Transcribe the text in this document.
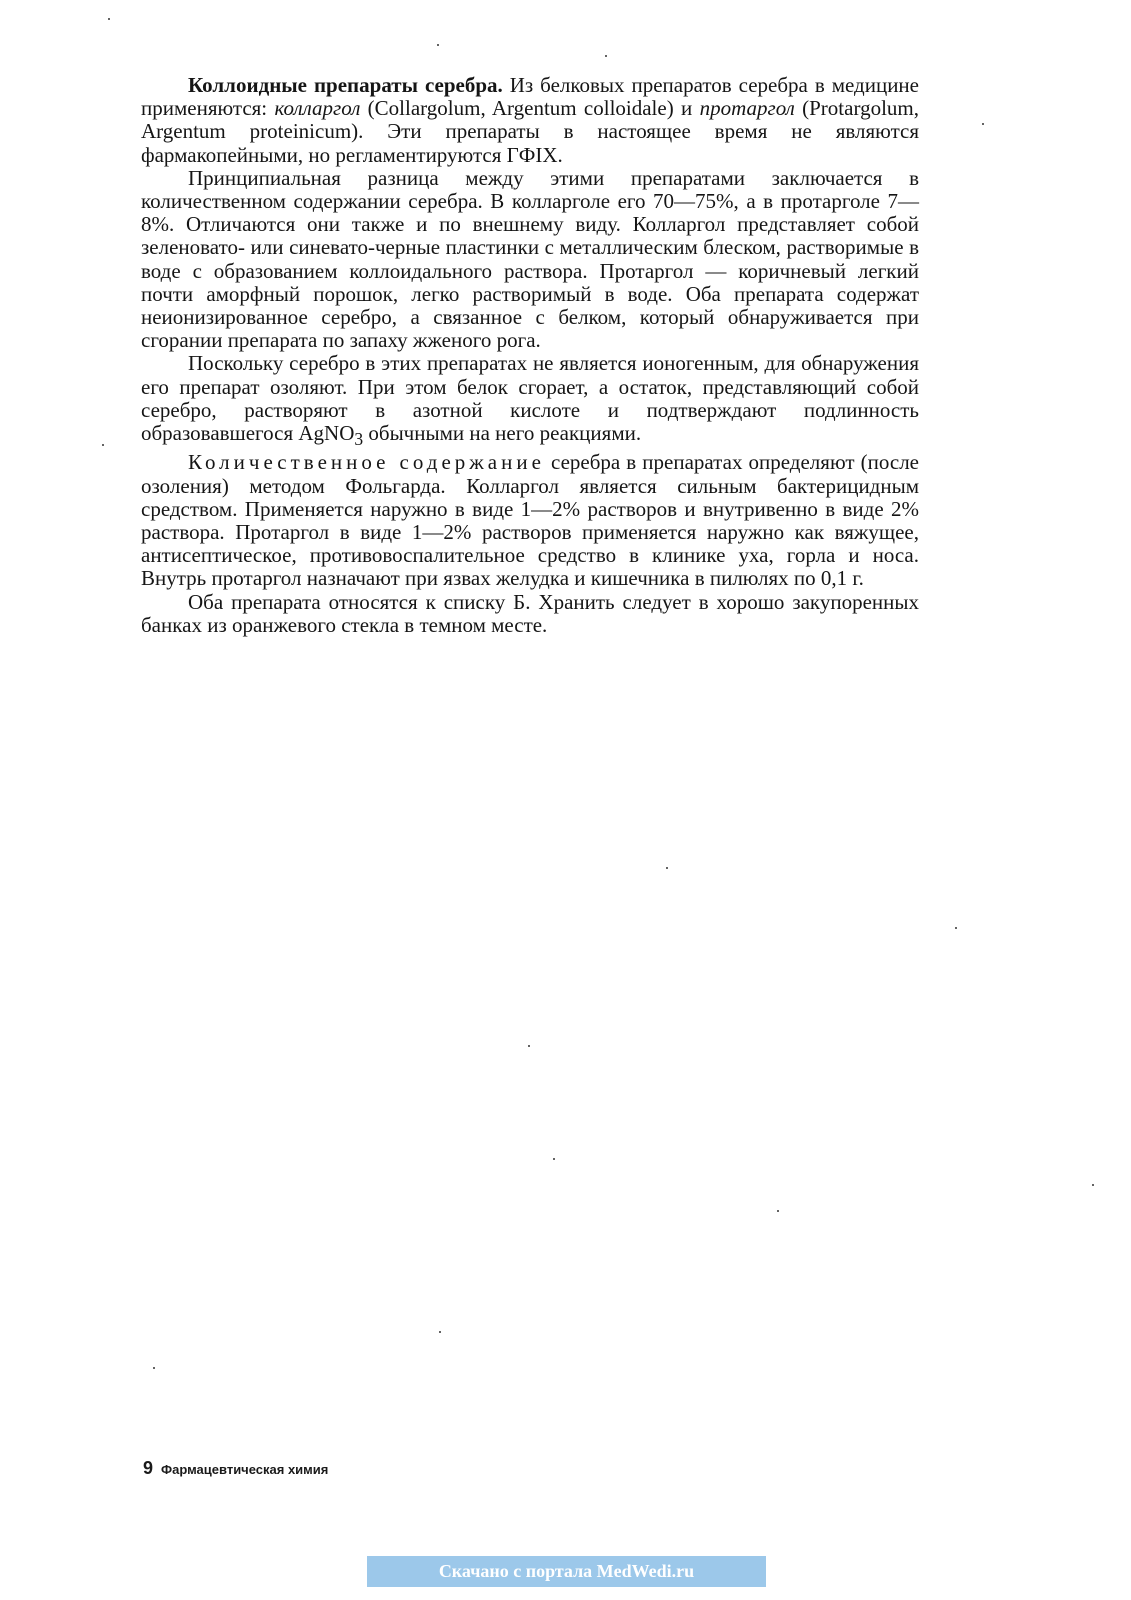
Коллоидные препараты серебра. Из белковых препаратов серебра в медицине применяются: колларгол (Collargolum, Argentum colloidale) и протаргол (Protargolum, Argentum proteinicum). Эти препараты в настоящее время не являются фармакопейными, но регламентируются ГФIX.

Принципиальная разница между этими препаратами заключается в количественном содержании серебра. В колларголе его 70—75%, а в протарголе 7—8%. Отличаются они также и по внешнему виду. Колларгол представляет собой зеленовато- или синевато-черные пластинки с металлическим блеском, растворимые в воде с образованием коллоидального раствора. Протаргол — коричневый легкий почти аморфный порошок, легко растворимый в воде. Оба препарата содержат неионизированное серебро, а связанное с белком, который обнаруживается при сгорании препарата по запаху жженого рога.

Поскольку серебро в этих препаратах не является ионогенным, для обнаружения его препарат озоляют. При этом белок сгорает, а остаток, представляющий собой серебро, растворяют в азотной кислоте и подтверждают подлинность образовавшегося AgNO$_3$ обычными на него реакциями.

Количественное содержание серебра в препаратах определяют (после озоления) методом Фольгарда. Колларгол является сильным бактерицидным средством. Применяется наружно в виде 1—2% растворов и внутривенно в виде 2% раствора. Протаргол в виде 1—2% растворов применяется наружно как вяжущее, антисептическое, противовоспалительное средство в клинике уха, горла и носа. Внутрь протаргол назначают при язвах желудка и кишечника в пилюлях по 0,1 г.

Оба препарата относятся к списку Б. Хранить следует в хорошо закупоренных банках из оранжевого стекла в темном месте.

9 Фармацевтическая химия
Скачано с портала MedWedi.ru
